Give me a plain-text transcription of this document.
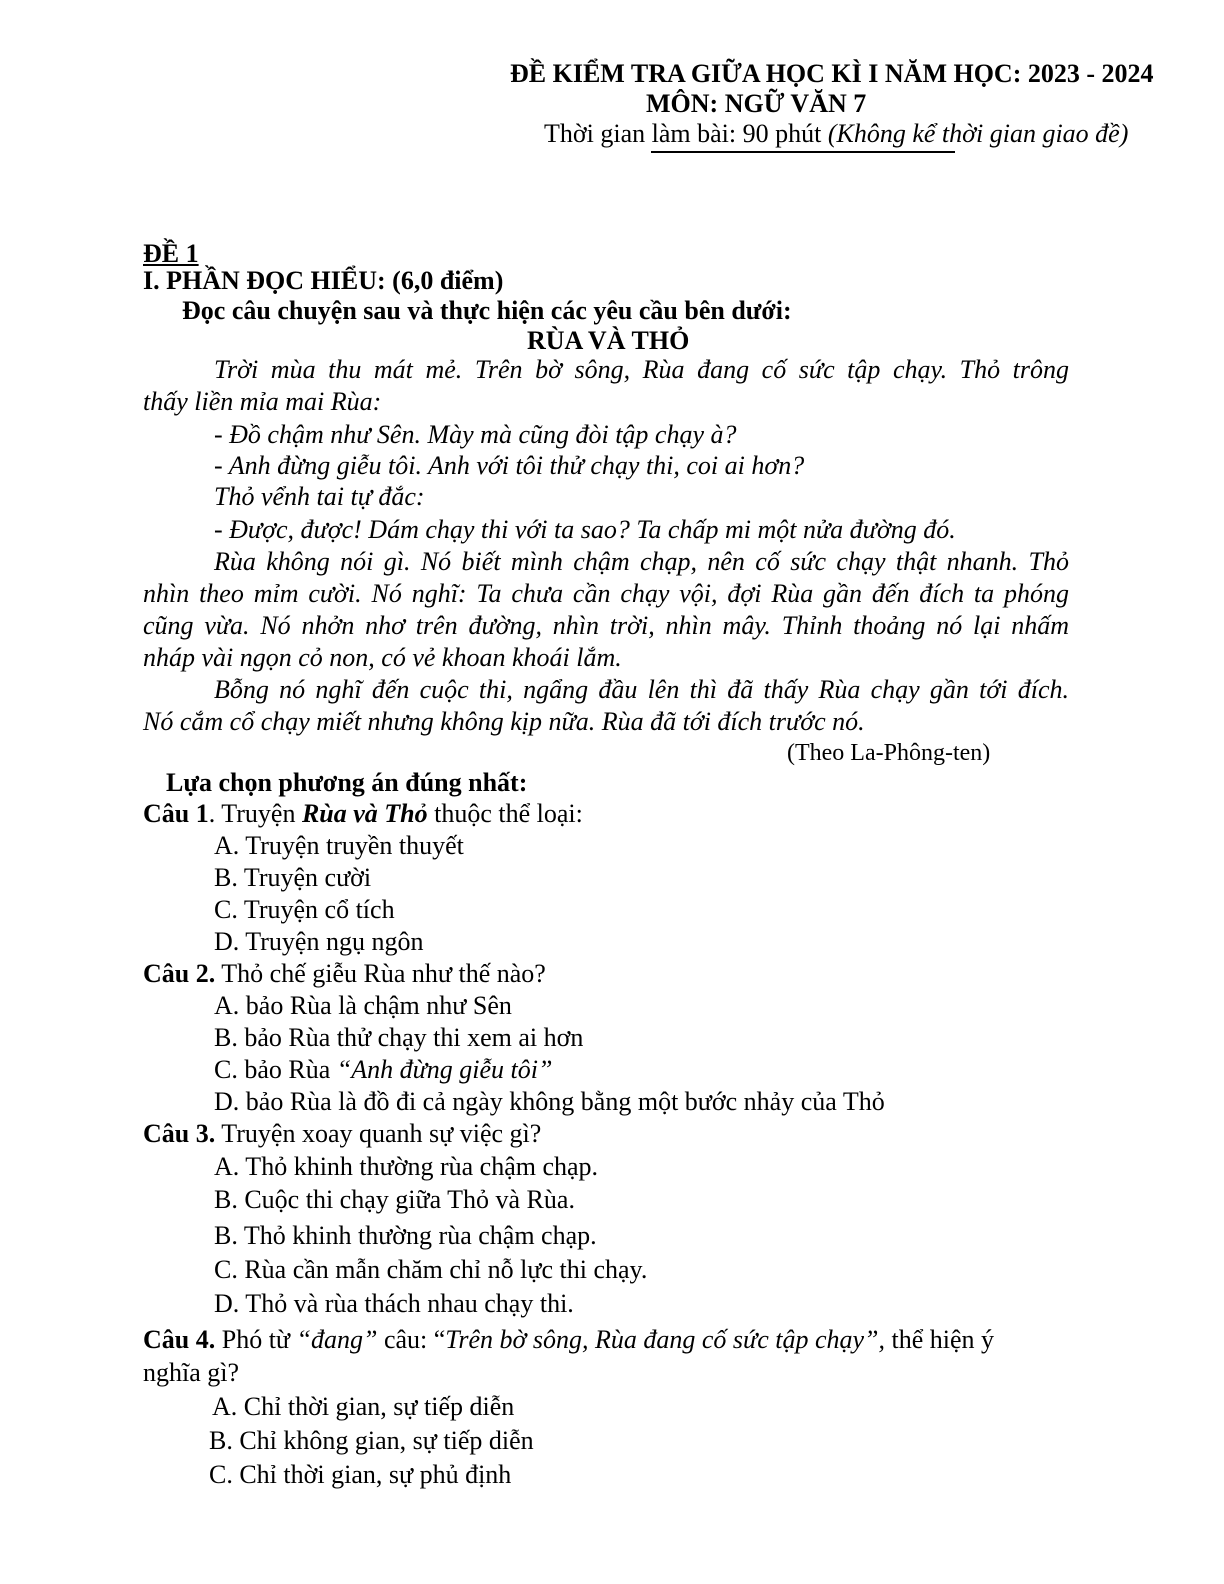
ĐỀ KIỂM TRA GIỮA HỌC KÌ I NĂM HỌC: 2023 - 2024
MÔN: NGỮ VĂN 7
Thời gian làm bài: 90 phút (Không kể thời gian giao đề)
ĐỀ 1
I. PHẦN ĐỌC HIỂU: (6,0 điểm)
Đọc câu chuyện sau và thực hiện các yêu cầu bên dưới:
RÙA VÀ THỎ
Trời mùa thu mát mẻ. Trên bờ sông, Rùa đang cố sức tập chạy. Thỏ trông
thấy liền mỉa mai Rùa:
- Đồ chậm như Sên. Mày mà cũng đòi tập chạy à?
- Anh đừng giễu tôi. Anh với tôi thử chạy thi, coi ai hơn?
Thỏ vểnh tai tự đắc:
- Được, được! Dám chạy thi với ta sao? Ta chấp mi một nửa đường đó.
Rùa không nói gì. Nó biết mình chậm chạp, nên cố sức chạy thật nhanh. Thỏ
nhìn theo mỉm cười. Nó nghĩ: Ta chưa cần chạy vội, đợi Rùa gần đến đích ta phóng
cũng vừa. Nó nhởn nhơ trên đường, nhìn trời, nhìn mây. Thỉnh thoảng nó lại nhấm
nháp vài ngọn cỏ non, có vẻ khoan khoái lắm.
Bỗng nó nghĩ đến cuộc thi, ngẩng đầu lên thì đã thấy Rùa chạy gần tới đích.
Nó cắm cổ chạy miết nhưng không kịp nữa. Rùa đã tới đích trước nó.
(Theo La-Phông-ten)
Lựa chọn phương án đúng nhất:
Câu 1. Truyện Rùa và Thỏ thuộc thể loại:
A. Truyện truyền thuyết
B. Truyện cười
C. Truyện cổ tích
D. Truyện ngụ ngôn
Câu 2. Thỏ chế giễu Rùa như thế nào?
A. bảo Rùa là chậm như Sên
B. bảo Rùa thử chạy thi xem ai hơn
C. bảo Rùa “Anh đừng giễu tôi”
D. bảo Rùa là đồ đi cả ngày không bằng một bước nhảy của Thỏ
Câu 3. Truyện xoay quanh sự việc gì?
A. Thỏ khinh thường rùa chậm chạp.
B. Cuộc thi chạy giữa Thỏ và Rùa.
B. Thỏ khinh thường rùa chậm chạp.
C. Rùa cần mẫn chăm chỉ nỗ lực thi chạy.
D. Thỏ và rùa thách nhau chạy thi.
Câu 4. Phó từ “đang” câu: “Trên bờ sông, Rùa đang cố sức tập chạy”, thể hiện ý
nghĩa gì?
A. Chỉ thời gian, sự tiếp diễn
B. Chỉ không gian, sự tiếp diễn
C. Chỉ thời gian, sự phủ định
